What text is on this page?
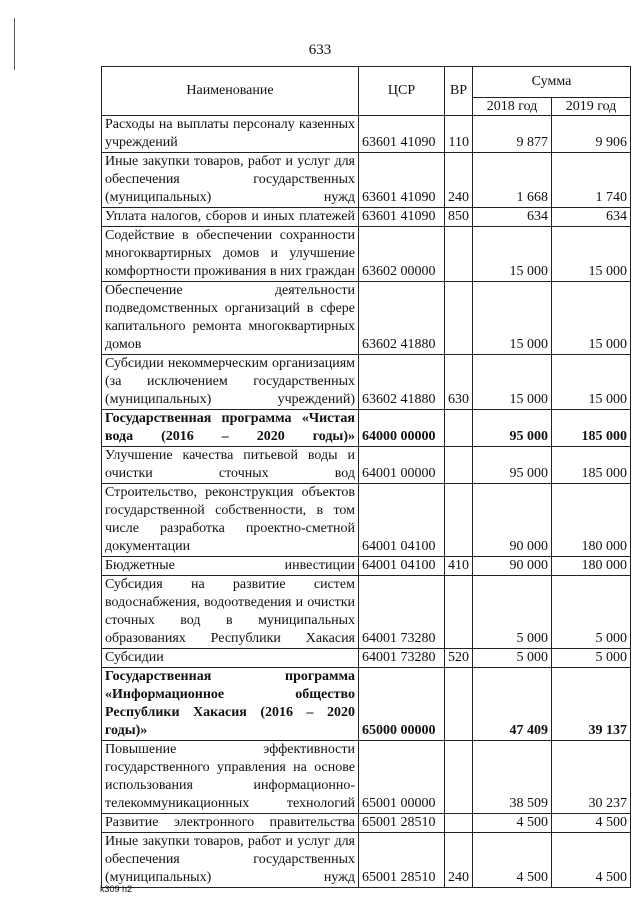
633
Наименование	ЦСР	ВР	Сумма	
			2018 год	2019 год
Расходы на выплаты персоналу казенных учреждений	63601 41090	110	9 877	9 906
Иные закупки товаров, работ и услуг для обеспечения государственных (муниципальных) нужд	63601 41090	240	1 668	1 740
Уплата налогов, сборов и иных платежей	63601 41090	850	634	634
Содействие в обеспечении сохранности многоквартирных домов и улучшение комфортности проживания в них граждан	63602 00000		15 000	15 000
Обеспечение деятельности подведомственных организаций в сфере капитального ремонта многоквартирных домов	63602 41880		15 000	15 000
Субсидии некоммерческим организациям (за исключением государственных (муниципальных) учреждений)	63602 41880	630	15 000	15 000
Государственная программа «Чистая вода (2016 – 2020 годы)»	64000 00000		95 000	185 000
Улучшение качества питьевой воды и очистки сточных вод	64001 00000		95 000	185 000
Строительство, реконструкция объектов государственной собственности, в том числе разработка проектно-сметной документации	64001 04100		90 000	180 000
Бюджетные инвестиции	64001 04100	410	90 000	180 000
Субсидия на развитие систем водоснабжения, водоотведения и очистки сточных вод в муниципальных образованиях Республики Хакасия	64001 73280		5 000	5 000
Субсидии	64001 73280	520	5 000	5 000
Государственная программа «Информационное общество Республики Хакасия (2016 – 2020 годы)»	65000 00000		47 409	39 137
Повышение эффективности государственного управления на основе использования информационно-телекоммуникационных технологий	65001 00000		38 509	30 237
Развитие электронного правительства	65001 28510		4 500	4 500
Иные закупки товаров, работ и услуг для обеспечения государственных (муниципальных) нужд	65001 28510	240	4 500	4 500
k309 h2
